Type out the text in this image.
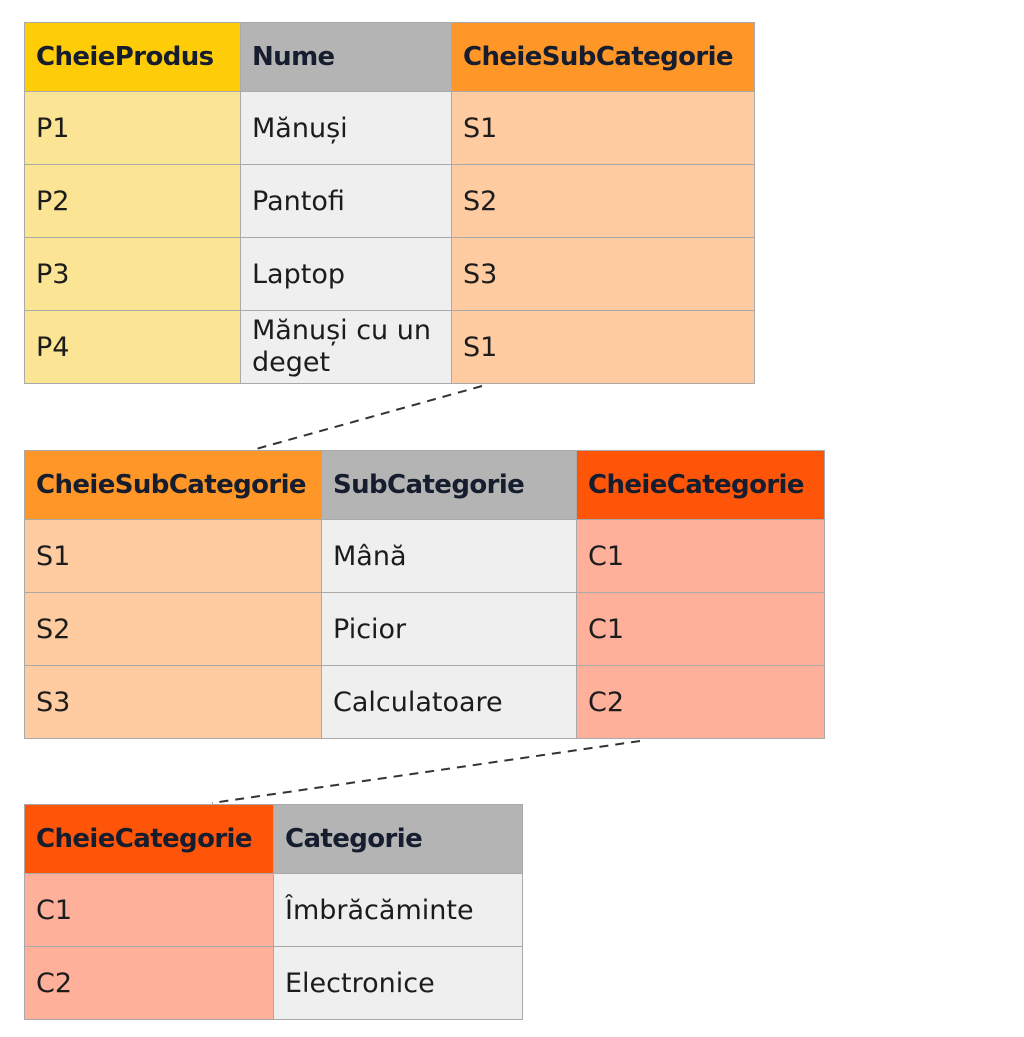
CheieProdus	Nume	CheieSubCategorie
P1	Mănuși	S1
P2	Pantofi	S2
P3	Laptop	S3
P4	Mănuși cu un deget	S1
CheieSubCategorie	SubCategorie	CheieCategorie
S1	Mână	C1
S2	Picior	C1
S3	Calculatoare	C2
CheieCategorie	Categorie
C1	Îmbrăcăminte
C2	Electronice
